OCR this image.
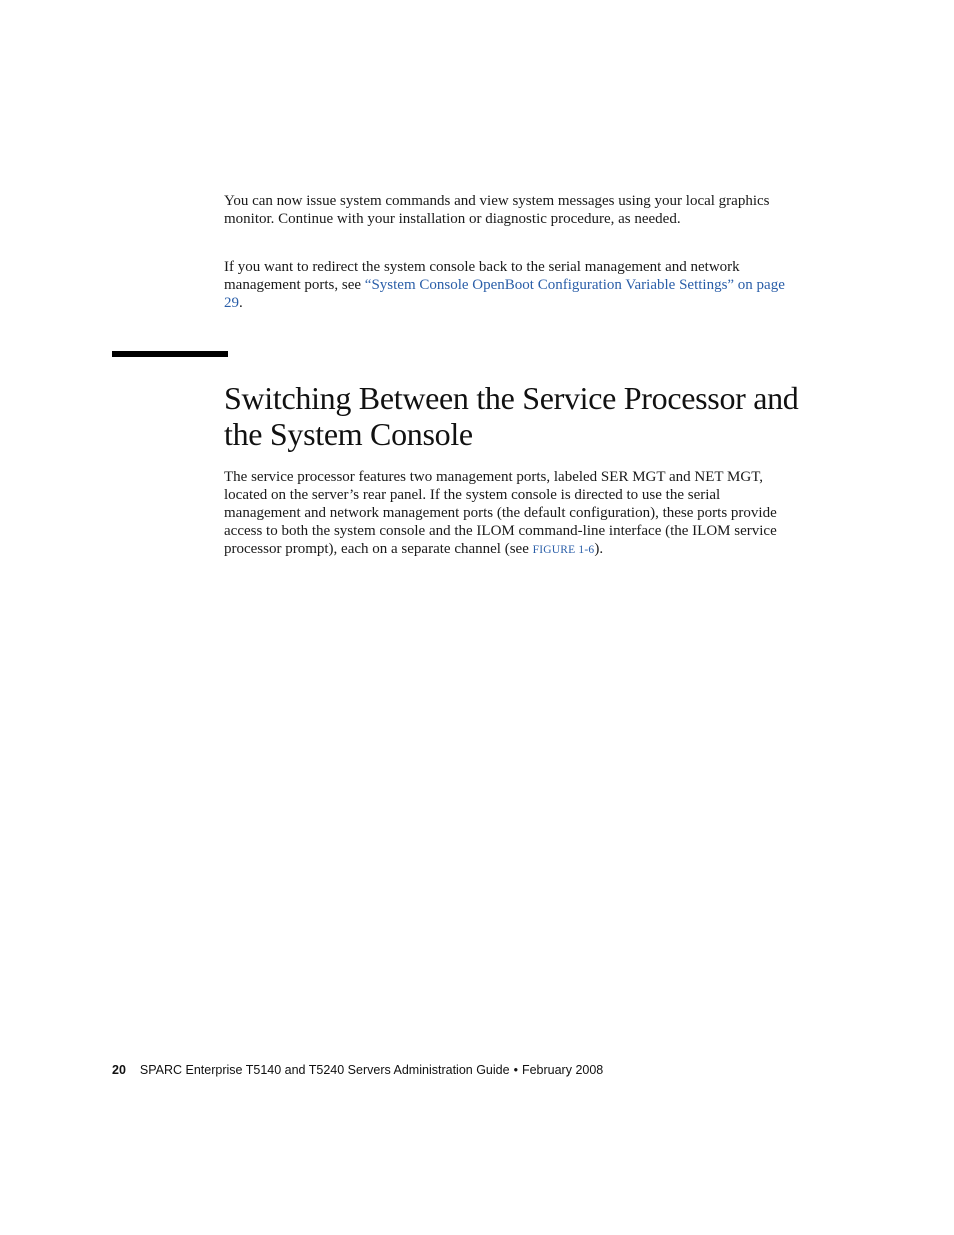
You can now issue system commands and view system messages using your local graphics monitor. Continue with your installation or diagnostic procedure, as needed.

If you want to redirect the system console back to the serial management and network management ports, see “System Console OpenBoot Configuration Variable Settings” on page 29.

Switching Between the Service Processor and the System Console

The service processor features two management ports, labeled SER MGT and NET MGT, located on the server’s rear panel. If the system console is directed to use the serial management and network management ports (the default configuration), these ports provide access to both the system console and the ILOM command-line interface (the ILOM service processor prompt), each on a separate channel (see FIGURE 1-6).

20 SPARC Enterprise T5140 and T5240 Servers Administration Guide • February 2008
